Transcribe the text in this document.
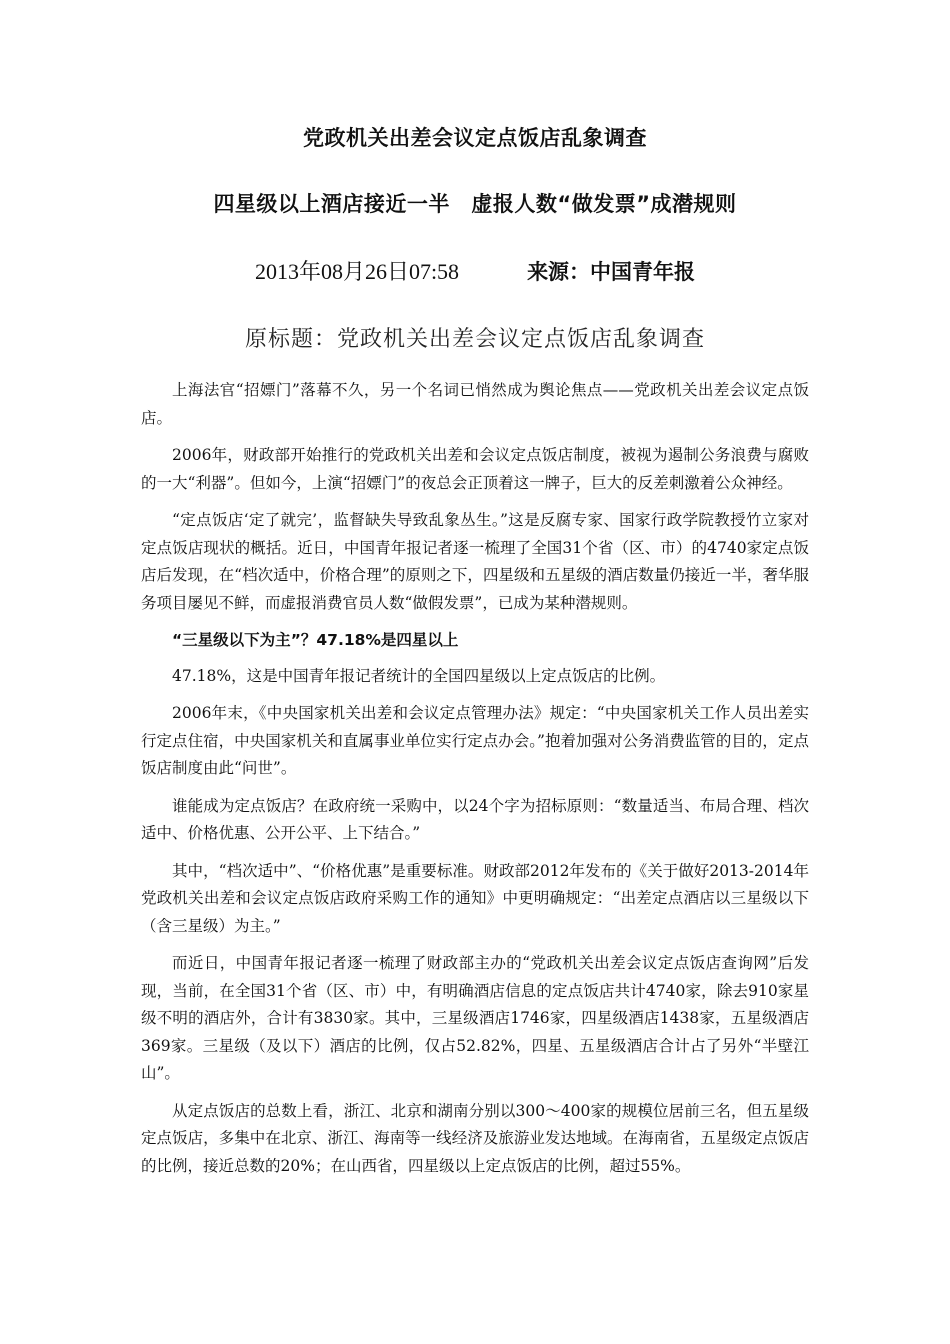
党政机关出差会议定点饭店乱象调查
四星级以上酒店接近一半　虚报人数“做发票”成潜规则
2013年08月26日07:58	来源：中国青年报
原标题：党政机关出差会议定点饭店乱象调查

上海法官“招嫖门”落幕不久，另一个名词已悄然成为舆论焦点——党政机关出差会议定点饭店。

2006年，财政部开始推行的党政机关出差和会议定点饭店制度，被视为遏制公务浪费与腐败的一大“利器”。但如今，上演“招嫖门”的夜总会正顶着这一牌子，巨大的反差刺激着公众神经。

“定点饭店‘定了就完’，监督缺失导致乱象丛生。”这是反腐专家、国家行政学院教授竹立家对定点饭店现状的概括。近日，中国青年报记者逐一梳理了全国31个省（区、市）的4740家定点饭店后发现，在“档次适中，价格合理”的原则之下，四星级和五星级的酒店数量仍接近一半，奢华服务项目屡见不鲜，而虚报消费官员人数“做假发票”，已成为某种潜规则。

“三星级以下为主”？47.18%是四星以上

47.18%，这是中国青年报记者统计的全国四星级以上定点饭店的比例。

2006年末，《中央国家机关出差和会议定点管理办法》规定：“中央国家机关工作人员出差实行定点住宿，中央国家机关和直属事业单位实行定点办会。”抱着加强对公务消费监管的目的，定点饭店制度由此“问世”。

谁能成为定点饭店？在政府统一采购中，以24个字为招标原则：“数量适当、布局合理、档次适中、价格优惠、公开公平、上下结合。”

其中，“档次适中”、“价格优惠”是重要标准。财政部2012年发布的《关于做好2013-2014年党政机关出差和会议定点饭店政府采购工作的通知》中更明确规定：“出差定点酒店以三星级以下（含三星级）为主。”

而近日，中国青年报记者逐一梳理了财政部主办的“党政机关出差会议定点饭店查询网”后发现，当前，在全国31个省（区、市）中，有明确酒店信息的定点饭店共计4740家，除去910家星级不明的酒店外，合计有3830家。其中，三星级酒店1746家，四星级酒店1438家，五星级酒店369家。三星级（及以下）酒店的比例，仅占52.82%，四星、五星级酒店合计占了另外“半壁江山”。

从定点饭店的总数上看，浙江、北京和湖南分别以300～400家的规模位居前三名，但五星级定点饭店，多集中在北京、浙江、海南等一线经济及旅游业发达地域。在海南省，五星级定点饭店的比例，接近总数的20%；在山西省，四星级以上定点饭店的比例，超过55%。
